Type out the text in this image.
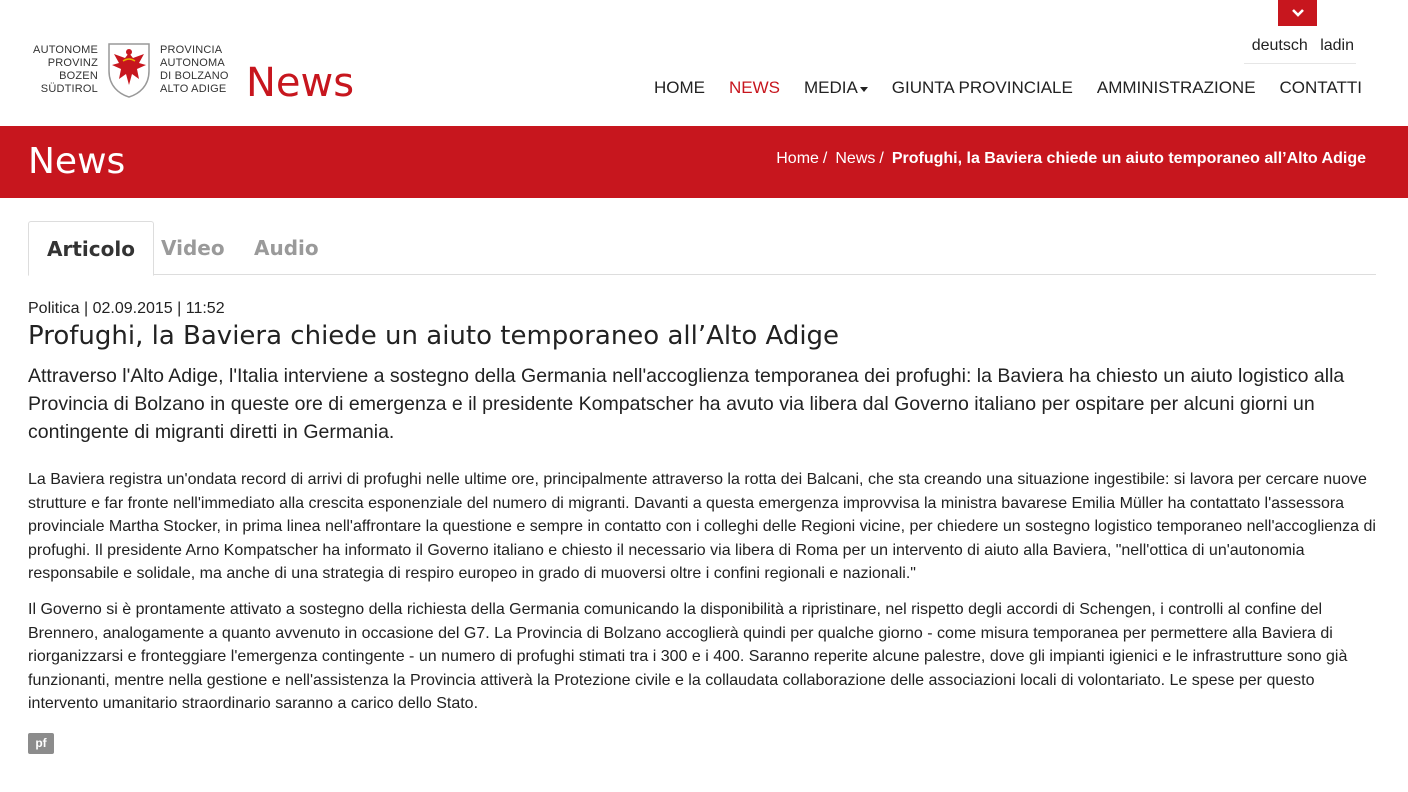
AUTONOME
PROVINZ
BOZEN
SÜDTIROL
PROVINCIA
AUTONOMA
DI BOLZANO
ALTO ADIGE News
deutsch ladin
HOME NEWS MEDIA GIUNTA PROVINCIALE AMMINISTRAZIONE CONTATTI
News	Home / News / Profughi, la Baviera chiede un aiuto temporaneo all’Alto Adige
Articolo	Video	Audio
Politica | 02.09.2015 | 11:52
Profughi, la Baviera chiede un aiuto temporaneo all’Alto Adige

Attraverso l'Alto Adige, l'Italia interviene a sostegno della Germania nell'accoglienza temporanea dei profughi: la Baviera ha chiesto un aiuto logistico alla Provincia di Bolzano in queste ore di emergenza e il presidente Kompatscher ha avuto via libera dal Governo italiano per ospitare per alcuni giorni un contingente di migranti diretti in Germania.

La Baviera registra un'ondata record di arrivi di profughi nelle ultime ore, principalmente attraverso la rotta dei Balcani, che sta creando una situazione ingestibile: si lavora per cercare nuove strutture e far fronte nell'immediato alla crescita esponenziale del numero di migranti. Davanti a questa emergenza improvvisa la ministra bavarese Emilia Müller ha contattato l'assessora provinciale Martha Stocker, in prima linea nell'affrontare la questione e sempre in contatto con i colleghi delle Regioni vicine, per chiedere un sostegno logistico temporaneo nell'accoglienza di profughi. Il presidente Arno Kompatscher ha informato il Governo italiano e chiesto il necessario via libera di Roma per un intervento di aiuto alla Baviera, "nell'ottica di un'autonomia responsabile e solidale, ma anche di una strategia di respiro europeo in grado di muoversi oltre i confini regionali e nazionali."

Il Governo si è prontamente attivato a sostegno della richiesta della Germania comunicando la disponibilità a ripristinare, nel rispetto degli accordi di Schengen, i controlli al confine del Brennero, analogamente a quanto avvenuto in occasione del G7. La Provincia di Bolzano accoglierà quindi per qualche giorno - come misura temporanea per permettere alla Baviera di riorganizzarsi e fronteggiare l'emergenza contingente - un numero di profughi stimati tra i 300 e i 400. Saranno reperite alcune palestre, dove gli impianti igienici e le infrastrutture sono già funzionanti, mentre nella gestione e nell'assistenza la Provincia attiverà la Protezione civile e la collaudata collaborazione delle associazioni locali di volontariato. Le spese per questo intervento umanitario straordinario saranno a carico dello Stato.

pf
